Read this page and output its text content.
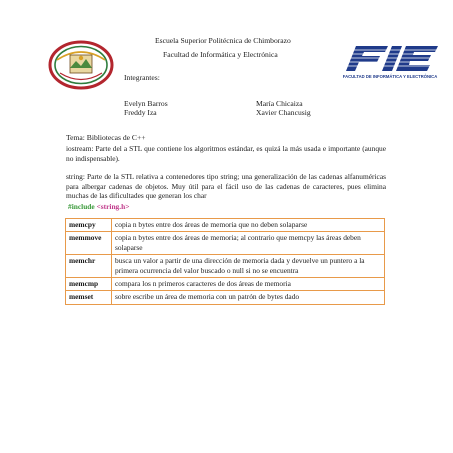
FACULTAD DE INFORMÁTICA Y ELECTRÓNICA
Escuela Superior Politécnica de Chimborazo
Facultad de Informática y Electrónica
Integrantes:
Evelyn Barros
Freddy Iza
María Chicaiza
Xavier Chancusig
Tema: Bibliotecas de C++
iostream: Parte del a STL que contiene los algoritmos estándar, es quizá la más usada e importante (aunque no indispensable).
string: Parte de la STL relativa a contenedores tipo string; una generalización de las cadenas alfanuméricas para albergar cadenas de objetos. Muy útil para el fácil uso de las cadenas de caracteres, pues elimina muchas de las dificultades que generan los char
#include <string.h>
memcpy	copia n bytes entre dos áreas de memoria que no deben solaparse
memmove	copia n bytes entre dos áreas de memoria; al contrario que memcpy las áreas deben solaparse
memchr	busca un valor a partir de una dirección de memoria dada y devuelve un puntero a la primera ocurrencia del valor buscado o null si no se encuentra
memcmp	compara los n primeros caracteres de dos áreas de memoria
memset	sobre escribe un área de memoria con un patrón de bytes dado
